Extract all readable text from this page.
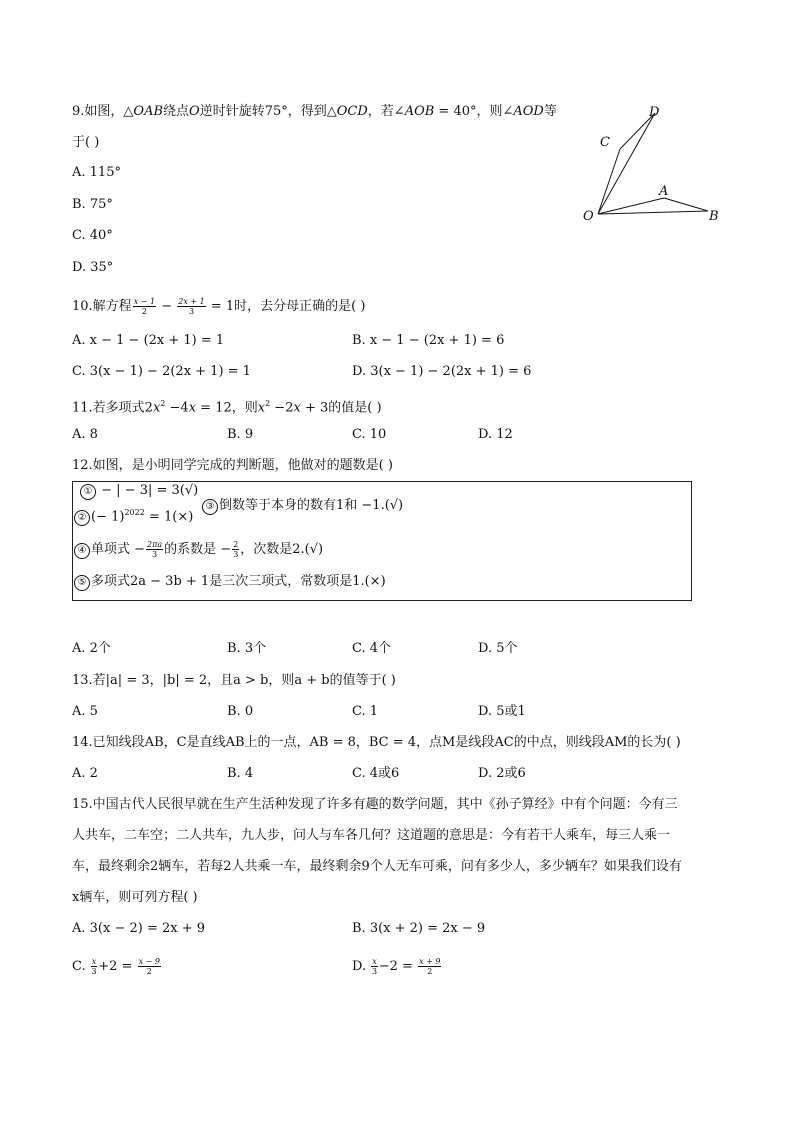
9.如图，△OAB绕点O逆时针旋转75°，得到△OCD，若∠AOB = 40°，则∠AOD等
于( )
A. 115°
B. 75°
C. 40°
D. 35°
O
A
B
C
D
10.解方程 $\frac{x - 1}{2} - \frac{2x + 1}{3} = 1$时，去分母正确的是( )
A. x − 1 − (2x + 1) = 1	B. x − 1 − (2x + 1) = 6
C. 3(x − 1) − 2(2x + 1) = 1	D. 3(x − 1) − 2(2x + 1) = 6
11.若多项式$2x^2 -4x = 12$，则$x^2 -2x + 3$的值是( )
A. 8	B. 9	C. 10	D. 12
12.如图，是小明同学完成的判断题，他做对的题数是( )
① − | − 3| = 3(√)
② (− 1)$^{2022}$ = 1(×)
③ 倒数等于本身的数有1和 −1.(√)
④ 单项式 − $\frac{2\pi a}{3}$ 的系数是 − $\frac{2}{3}$ ，次数是2.(√)
⑤ 多项式2a − 3b + 1是三次三项式，常数项是1.(×)
A. 2个	B. 3个	C. 4个	D. 5个
13.若|a| = 3，|b| = 2，且a > b，则a + b的值等于( )
A. 5	B. 0	C. 1	D. 5或1
14.已知线段AB，C是直线AB上的一点，AB = 8，BC = 4，点M是线段AC的中点，则线段AM的长为( )
A. 2	B. 4	C. 4或6	D. 2或6
15.中国古代人民很早就在生产生活种发现了许多有趣的数学问题，其中《孙子算经》中有个问题：今有三
人共车，二车空；二人共车，九人步，问人与车各几何？这道题的意思是：今有若干人乘车，每三人乘一
车，最终剩余2辆车，若每2人共乘一车，最终剩余9个人无车可乘，问有多少人，多少辆车？如果我们设有
x辆车，则可列方程( )
A. 3(x − 2) = 2x + 9	B. 3(x + 2) = 2x − 9
C. $\frac{x}{3} +2 = \frac{x - 9}{2}$	D. $\frac{x}{3} -2 = \frac{x + 9}{2}$
